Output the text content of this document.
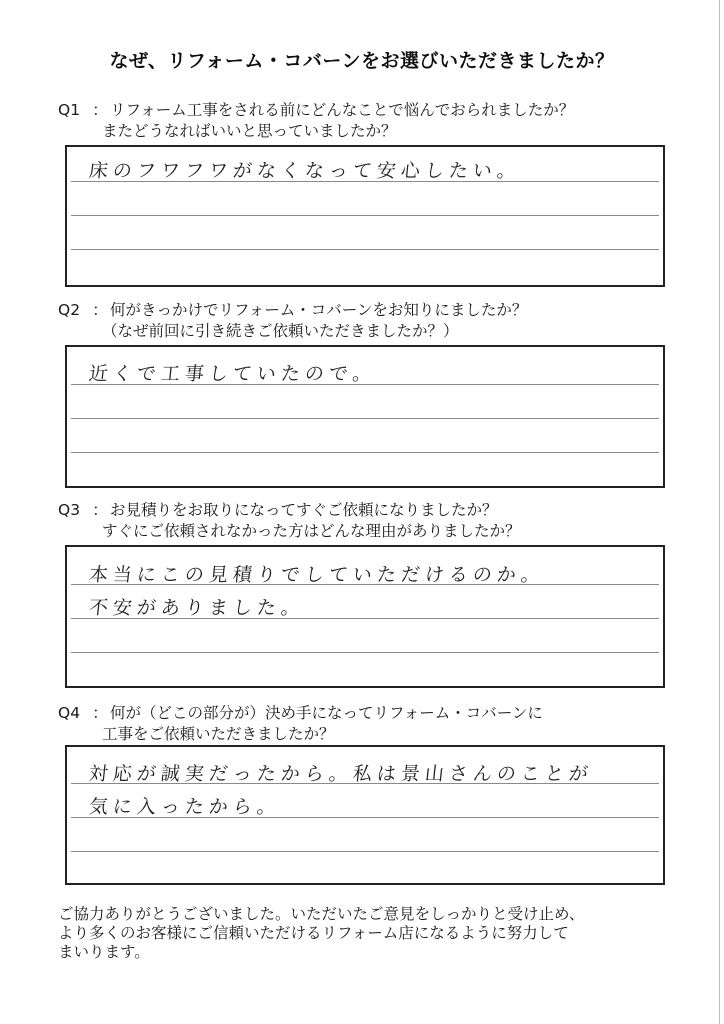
なぜ、リフォーム・コバーンをお選びいただきましたか？
Q1 ： リフォーム工事をされる前にどんなことで悩んでおられましたか？
またどうなればいいと思っていましたか？
床のフワフワがなくなって安心したい。
Q2 ： 何がきっかけでリフォーム・コバーンをお知りにましたか？
（なぜ前回に引き続きご依頼いただきましたか？）
近くで工事していたので。
Q3 ： お見積りをお取りになってすぐご依頼になりましたか？
すぐにご依頼されなかった方はどんな理由がありましたか？
本当にこの見積りでしていただけるのか。
不安がありました。
Q4 ： 何が（どこの部分が）決め手になってリフォーム・コバーンに
工事をご依頼いただきましたか？
対応が誠実だったから。私は景山さんのことが
気に入ったから。
ご協力ありがとうございました。いただいたご意見をしっかりと受け止め、
より多くのお客様にご信頼いただけるリフォーム店になるように努力して
まいります。
